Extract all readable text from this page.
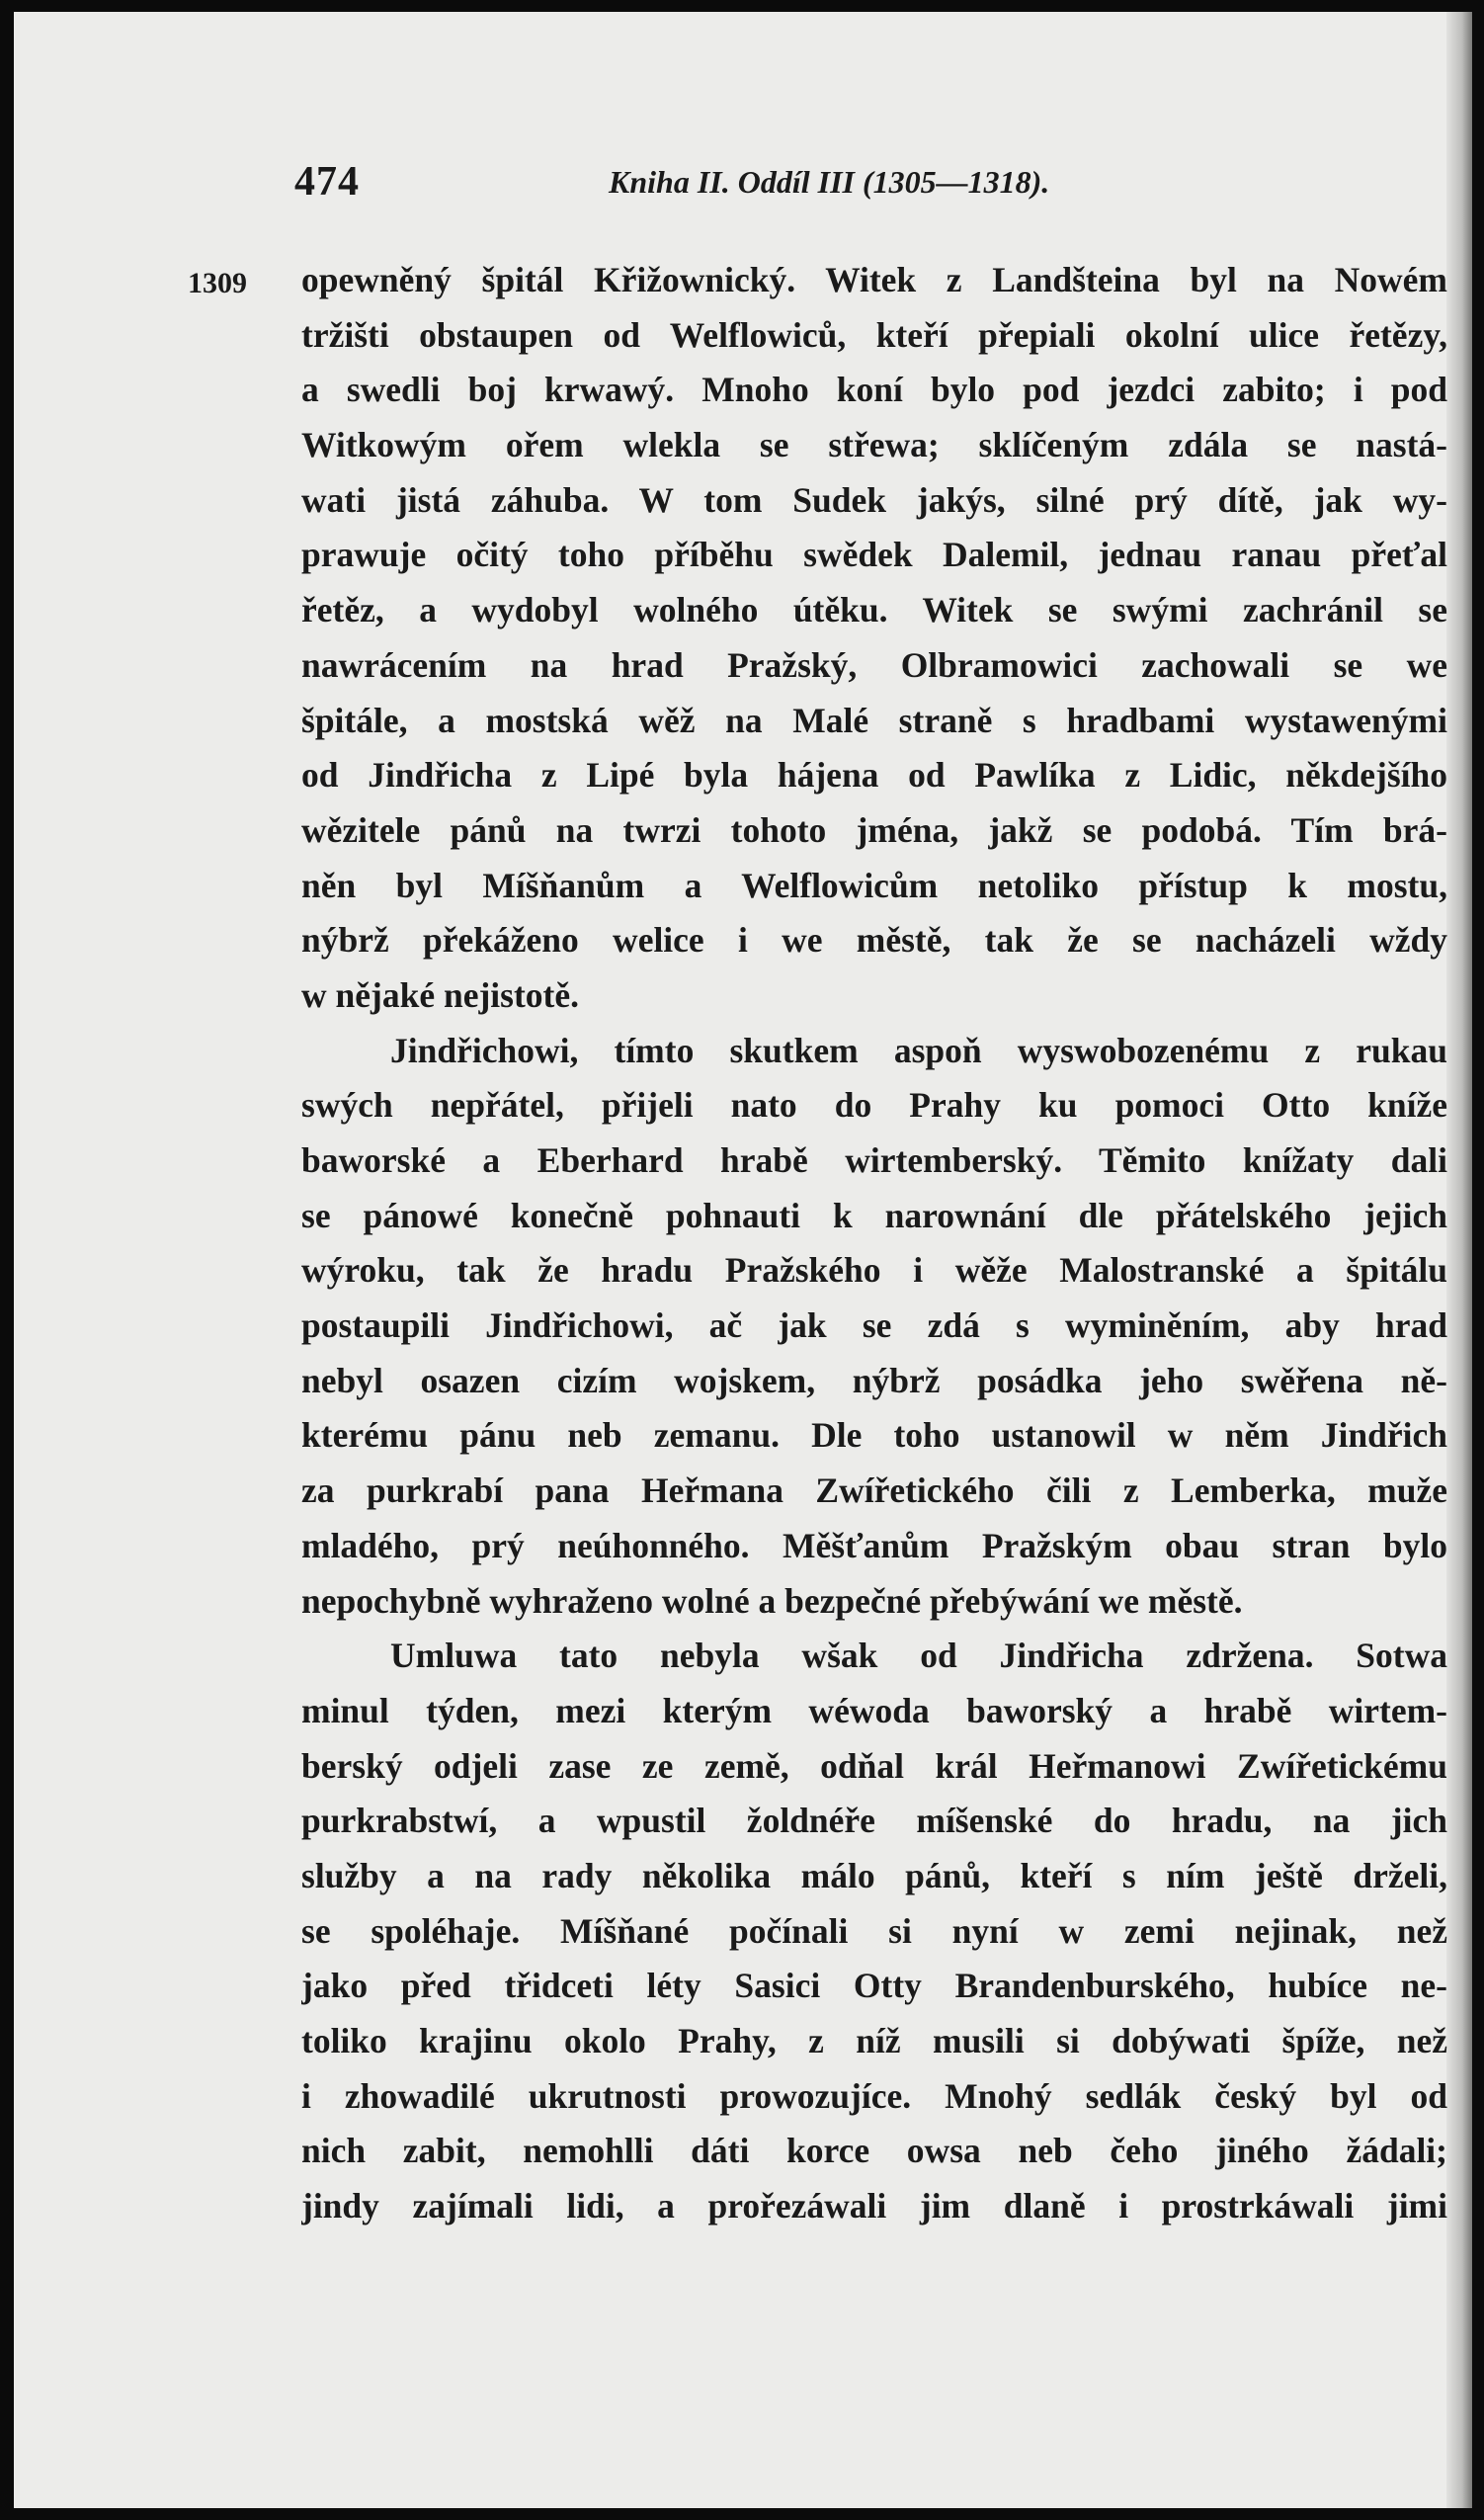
474	Kniha II. Oddíl III (1305—1318).
1309 opewněný špitál Křižownický. Witek z Landšteina byl na Nowém
tržišti obstaupen od Welflowiců, kteří přepiali okolní ulice řetězy,
a swedli boj krwawý. Mnoho koní bylo pod jezdci zabito; i pod
Witkowým ořem wlekla se střewa; sklíčeným zdála se nastá-
wati jistá záhuba. W tom Sudek jakýs, silné prý dítě, jak wy-
prawuje očitý toho příběhu swědek Dalemil, jednau ranau přeťal
řetěz, a wydobyl wolného útěku. Witek se swými zachránil se
nawrácením na hrad Pražský, Olbramowici zachowali se we
špitále, a mostská wěž na Malé straně s hradbami wystawenými
od Jindřicha z Lipé byla hájena od Pawlíka z Lidic, někdejšího
wězitele pánů na twrzi tohoto jména, jakž se podobá. Tím brá-
něn byl Míšňanům a Welflowicům netoliko přístup k mostu,
nýbrž překáženo welice i we městě, tak že se nacházeli wždy
w nějaké nejistotě.
Jindřichowi, tímto skutkem aspoň wyswobozenému z rukau
swých nepřátel, přijeli nato do Prahy ku pomoci Otto kníže
baworské a Eberhard hrabě wirtemberský. Těmito knížaty dali
se pánowé konečně pohnauti k narownání dle přátelského jejich
wýroku, tak že hradu Pražského i wěže Malostranské a špitálu
postaupili Jindřichowi, ač jak se zdá s wyminěním, aby hrad
nebyl osazen cizím wojskem, nýbrž posádka jeho swěřena ně-
kterému pánu neb zemanu. Dle toho ustanowil w něm Jindřich
za purkrabí pana Heřmana Zwířetického čili z Lemberka, muže
mladého, prý neúhonného. Měšťanům Pražským obau stran bylo
nepochybně wyhraženo wolné a bezpečné přebýwání we městě.
Umluwa tato nebyla wšak od Jindřicha zdržena. Sotwa
minul týden, mezi kterým wéwoda baworský a hrabě wirtem-
berský odjeli zase ze země, odňal král Heřmanowi Zwířetickému
purkrabstwí, a wpustil žoldnéře míšenské do hradu, na jich
služby a na rady několika málo pánů, kteří s ním ještě drželi,
se spoléhaje. Míšňané počínali si nyní w zemi nejinak, než
jako před třidceti léty Sasici Otty Brandenburského, hubíce ne-
toliko krajinu okolo Prahy, z níž musili si dobýwati špíže, než
i zhowadilé ukrutnosti prowozujíce. Mnohý sedlák český byl od
nich zabit, nemohlli dáti korce owsa neb čeho jiného žádali;
jindy zajímali lidi, a prořezáwali jim dlaně i prostrkáwali jimi
